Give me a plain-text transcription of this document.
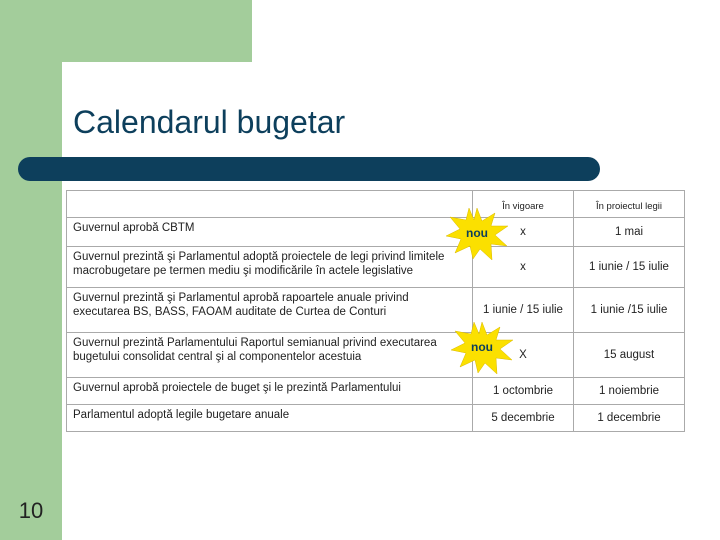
Calendarul bugetar
	În vigoare	În proiectul legii
Guvernul aprobă CBTM	x	1 mai
Guvernul prezintă şi Parlamentul adoptă proiectele de legi privind limitele macrobugetare pe termen mediu şi modificările în actele legislative	x	1 iunie / 15 iulie
Guvernul prezintă şi Parlamentul aprobă rapoartele anuale privind executarea BS, BASS, FAOAM auditate de Curtea de Conturi	1 iunie / 15 iulie	1 iunie /15 iulie
Guvernul prezintă Parlamentului Raportul semianual privind executarea bugetului consolidat central şi al componentelor acestuia	X	15 august
Guvernul aprobă proiectele de buget şi le prezintă Parlamentului	1 octombrie	1 noiembrie
Parlamentul adoptă legile bugetare anuale	5 decembrie	1 decembrie
nou
nou
10
